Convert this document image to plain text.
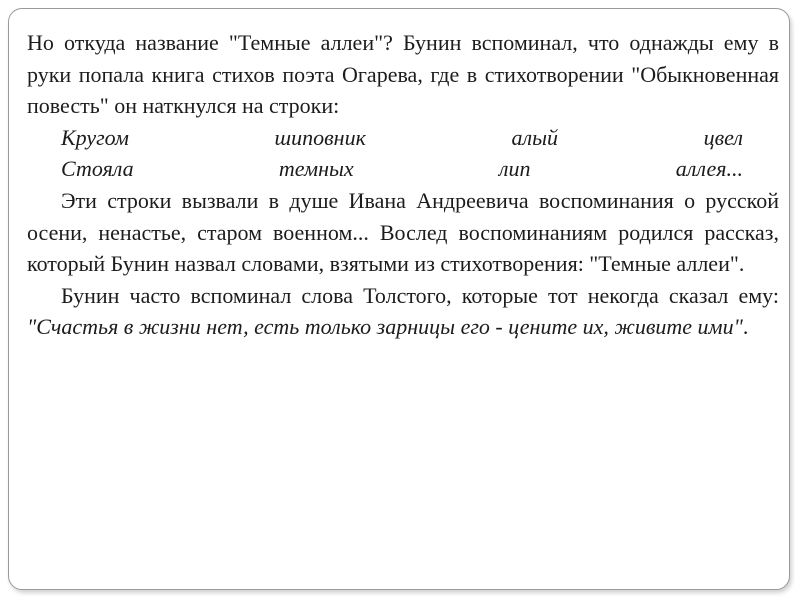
Но откуда название "Темные аллеи"? Бунин вспоминал, что однажды ему в руки попала книга стихов поэта Огарева, где в стихотворении "Обыкновенная повесть" он наткнулся на строки:

Кругом	шиповник	алый	цвел
Стояла	темных	лип	аллея...

Эти строки вызвали в душе Ивана Андреевича воспоминания о русской осени, ненастье, старом военном... Вослед воспоминаниям родился рассказ, который Бунин назвал словами, взятыми из стихотворения: "Темные аллеи".

Бунин часто вспоминал слова Толстого, которые тот некогда сказал ему: "Счастья в жизни нет, есть только зарницы его - цените их, живите ими".
